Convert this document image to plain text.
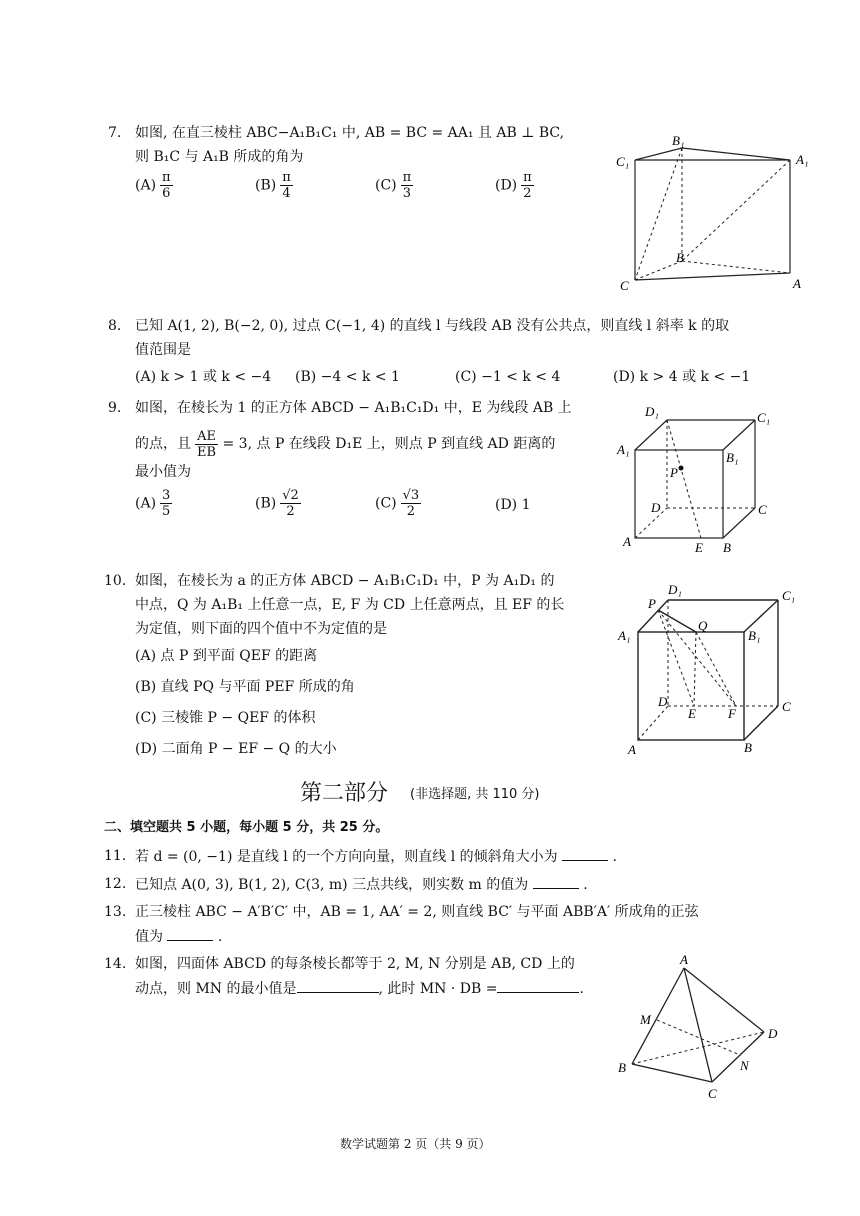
7. 如图, 在直三棱柱 ABC−A₁B₁C₁ 中, AB = BC = AA₁ 且 AB ⊥ BC,
则 B₁C 与 A₁B 所成的角为
$(A) \frac{\pi}{6}$	$(B) \frac{\pi}{4}$	$(C) \frac{\pi}{3}$	$(D) \frac{\pi}{2}$
B₁
C₁	A₁
B
C	A
8. 已知 A(1, 2), B(−2, 0), 过点 C(−1, 4) 的直线 l 与线段 AB 没有公共点，则直线 l 斜率 k 的取
值范围是
(A) k > 1 或 k < −4 (B) −4 < k < 1	(C) −1 < k < 4	(D) k > 4 或 k < −1
9. 如图，在棱长为 1 的正方体 ABCD − A₁B₁C₁D₁ 中，E 为线段 AB 上
的点，且 $\frac{AE}{EB} = 3$, 点 P 在线段 D₁E 上，则点 P 到直线 AD 距离的
最小值为
$(A) \frac{3}{5}$	$(B) \frac{√2}{2}$	$(C) \frac{√3}{2}$	(D) 1
D₁	C₁
A₁
B₁
P
D	C
A	E B
10. 如图，在棱长为 a 的正方体 ABCD − A₁B₁C₁D₁ 中，P 为 A₁D₁ 的
中点，Q 为 A₁B₁ 上任意一点，E, F 为 CD 上任意两点，且 EF 的长
为定值，则下面的四个值中不为定值的是
(A) 点 P 到平面 QEF 的距离
(B) 直线 PQ 与平面 PEF 所成的角
(C) 三棱锥 P − QEF 的体积
(D) 二面角 P − EF − Q 的大小
P
D₁	C₁
Q
A₁	B₁
D
E F	C
A	B
第二部分 (非选择题, 共 110 分)
二、填空题共 5 小题，每小题 5 分，共 25 分。
11. 若 d = (0, −1) 是直线 l 的一个方向向量，则直线 l 的倾斜角大小为	.
12. 已知点 A(0, 3), B(1, 2), C(3, m) 三点共线，则实数 m 的值为	.
13. 正三棱柱 ABC − A′B′C′ 中，AB = 1, AA′ = 2, 则直线 BC′ 与平面 ABB′A′ 所成角的正弦
值为	.
14. 如图，四面体 ABCD 的每条棱长都等于 2, M, N 分别是 AB, CD 上的
动点，则 MN 的最小值是	, 此时 MN · DB =	.
A
M
D
B	N
C
数学试题第 2 页（共 9 页）
